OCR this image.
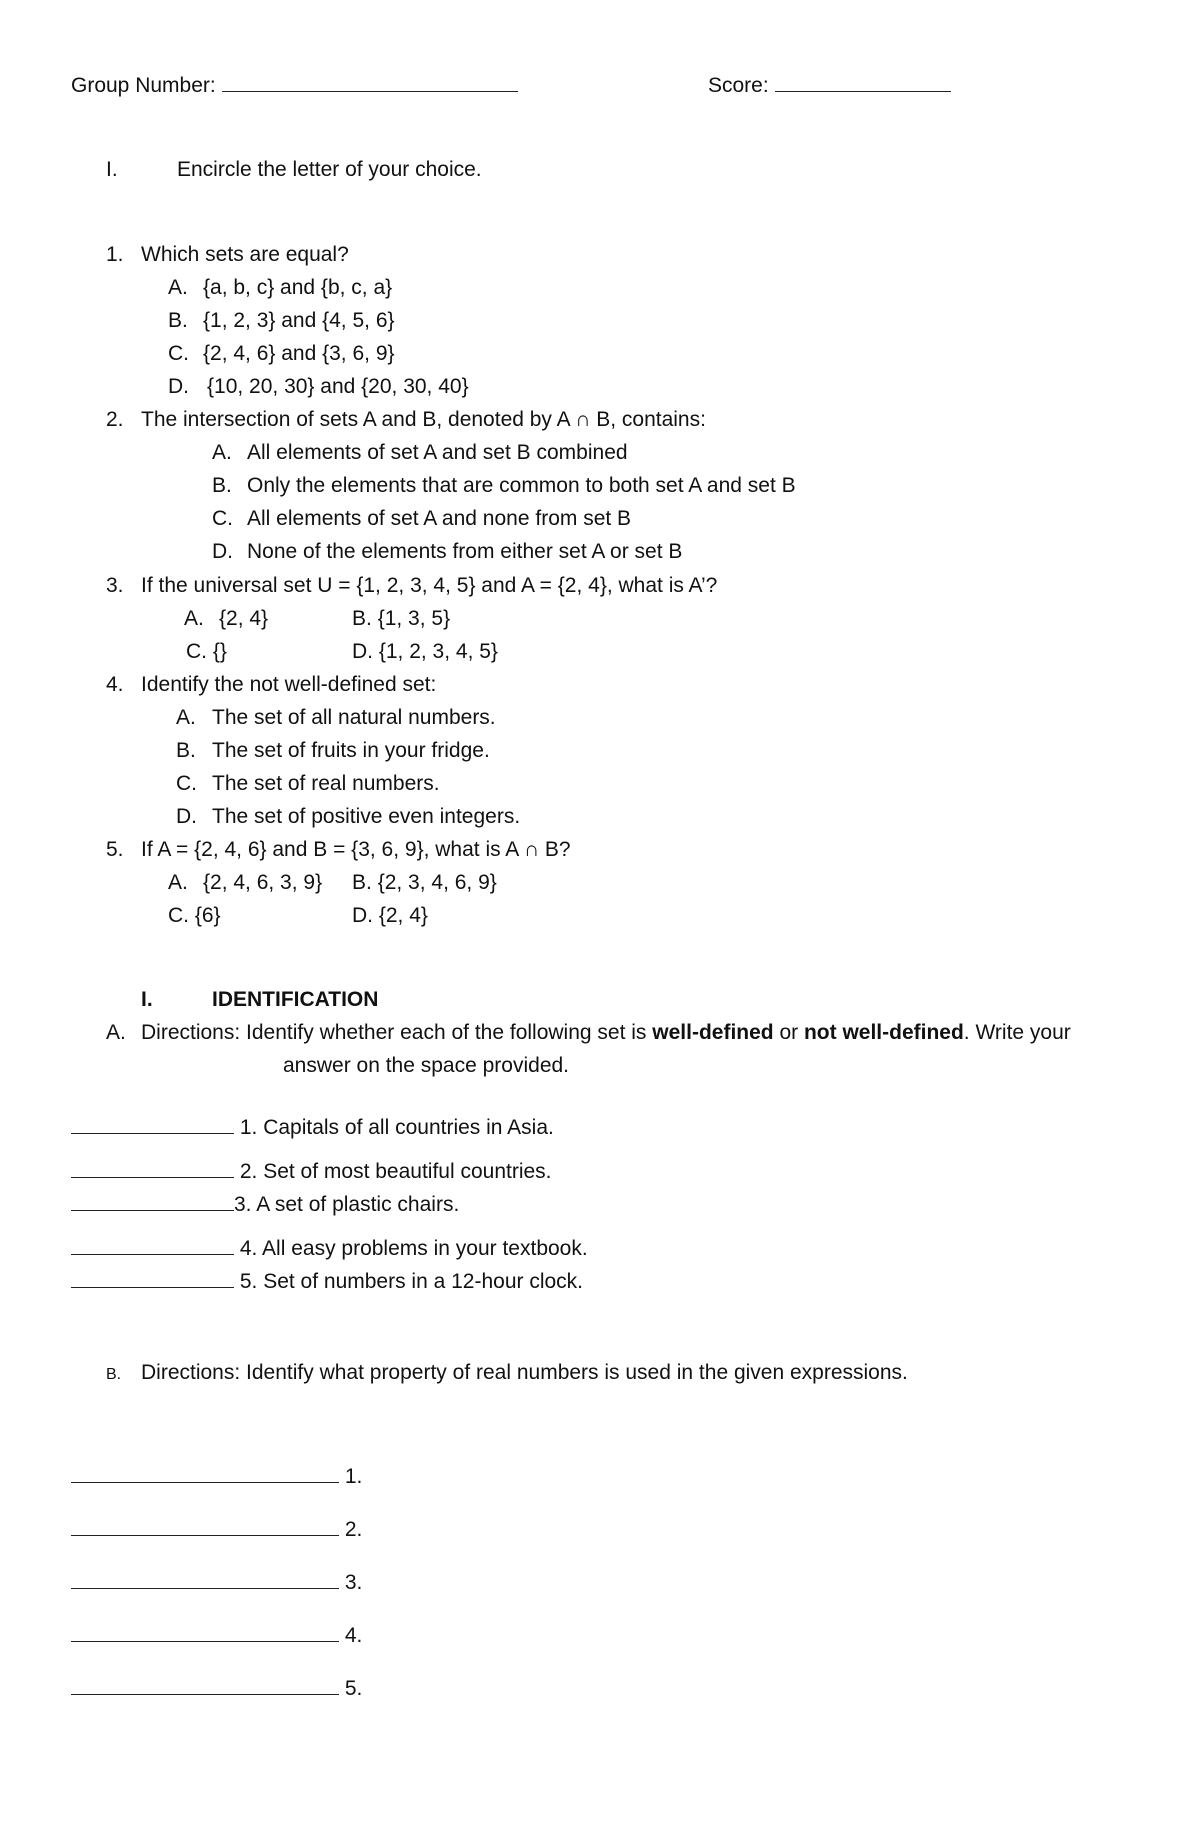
Group Number:	Score:
I.	Encircle the letter of your choice.
1. Which sets are equal?
A. {a, b, c} and {b, c, a}
B. {1, 2, 3} and {4, 5, 6}
C. {2, 4, 6} and {3, 6, 9}
D. {10, 20, 30} and {20, 30, 40}
2. The intersection of sets A and B, denoted by A ∩ B, contains:
A. All elements of set A and set B combined
B. Only the elements that are common to both set A and set B
C. All elements of set A and none from set B
D. None of the elements from either set A or set B
3. If the universal set U = {1, 2, 3, 4, 5} and A = {2, 4}, what is A’?
A. {2, 4}	B. {1, 3, 5}
C. {}	D. {1, 2, 3, 4, 5}
4. Identify the not well-defined set:
A. The set of all natural numbers.
B. The set of fruits in your fridge.
C. The set of real numbers.
D. The set of positive even integers.
5. If A = {2, 4, 6} and B = {3, 6, 9}, what is A ∩ B?
A. {2, 4, 6, 3, 9} B. {2, 3, 4, 6, 9}
C. {6}	D. {2, 4}
I.	IDENTIFICATION
A. Directions: Identify whether each of the following set is well-defined or not well-defined. Write your
answer on the space provided.
1. Capitals of all countries in Asia.
2. Set of most beautiful countries.
3. A set of plastic chairs.
4. All easy problems in your textbook.
5. Set of numbers in a 12-hour clock.
B. Directions: Identify what property of real numbers is used in the given expressions.
1.
2.
3.
4.
5.
